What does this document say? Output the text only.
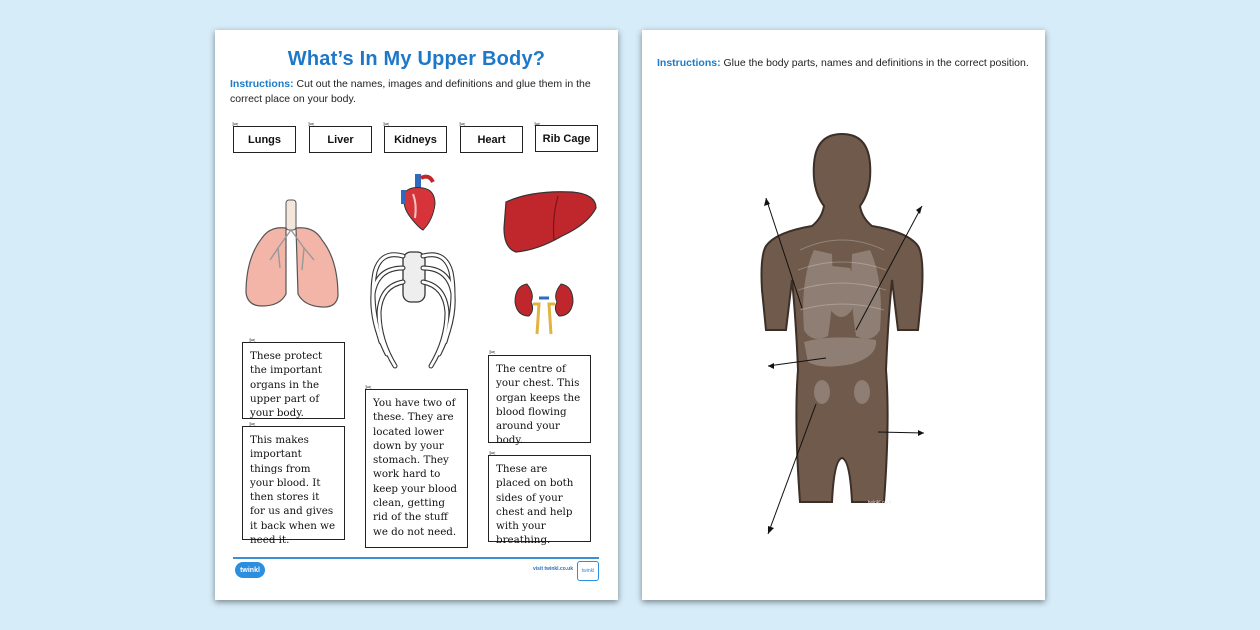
What’s In My Upper Body?
Instructions: Cut out the names, images and definitions and glue them in the correct place on your body.
✂
Lungs
✂
Liver
✂
Kidneys
✂
Heart
✂
Rib Cage
✂
These protect the important organs in the upper part of your body.
✂
This makes important things from your blood. It then stores it for us and gives it back when we need it.
✂
You have two of these. They are located lower down by your stomach. They work hard to keep your blood clean, getting rid of the stuff we do not need.
✂
The centre of your chest. This organ keeps the blood flowing around your body.
✂
These are placed on both sides of your chest and help with your breathing.
twinkl	visit twinkl.co.uk	twinkl
Instructions: Glue the body parts, names and definitions in the correct position.
twinkl.com
